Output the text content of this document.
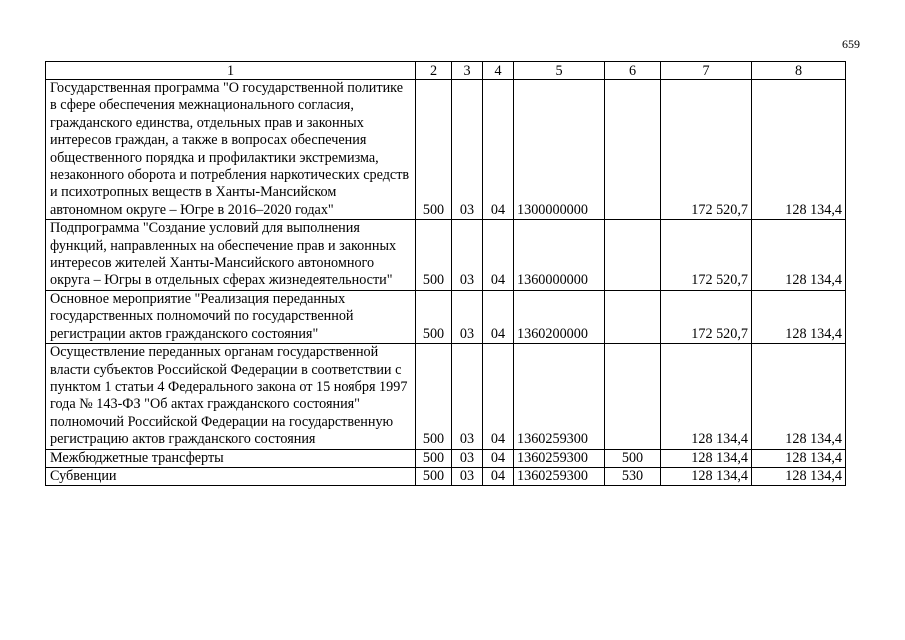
659
1	2	3	4	5	6	7	8
Государственная программа "О государственной политике в сфере обеспечения межнационального согласия, гражданского единства, отдельных прав и законных интересов граждан, а также в вопросах обеспечения общественного порядка и профилактики экстремизма, незаконного оборота и потребления наркотических средств и психотропных веществ в Ханты-Мансийском автономном округе – Югре в 2016–2020 годах"	500	03	04	1300000000		172 520,7	128 134,4
Подпрограмма "Создание условий для выполнения функций, направленных на обеспечение прав и законных интересов жителей Ханты-Мансийского автономного округа – Югры в отдельных сферах жизнедеятельности"	500	03	04	1360000000		172 520,7	128 134,4
Основное мероприятие "Реализация переданных государственных полномочий по государственной регистрации актов гражданского состояния"	500	03	04	1360200000		172 520,7	128 134,4
Осуществление переданных органам государственной власти субъектов Российской Федерации в соответствии с пунктом 1 статьи 4 Федерального закона от 15 ноября 1997 года № 143-ФЗ "Об актах гражданского состояния" полномочий Российской Федерации на государственную регистрацию актов гражданского состояния	500	03	04	1360259300		128 134,4	128 134,4
Межбюджетные трансферты	500	03	04	1360259300	500	128 134,4	128 134,4
Субвенции	500	03	04	1360259300	530	128 134,4	128 134,4
